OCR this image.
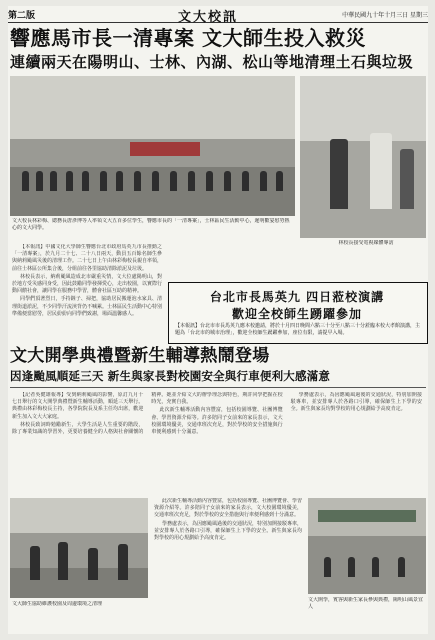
第二版	文大校訊	中華民國九十年十月三日 星期三
響應馬市長一清專案 文大師生投入救災
連續兩天在陽明山、士林、內湖、松山等地清理土石與垃圾
文大校長林彩梅、總務長唐彥博等人率領文大五百多位學生，響應市長的「一清專案」，士林區民生活動中心，遲明歡宴慰勞熱心的文大同學。
林校長接受電視媒體專訪

【本報訊】中國文化大學師生響應台北市政府馬英九市長推動之「一清專案」，於九月二十七、二十八日兩天，動員五百餘名師生參與納莉颱風災後的清理工作。二十七日上午由林彩梅校長親自率領，前往士林區公所集合後，分組前往各里協助清除淤泥及垃圾。

林校長表示，納莉颱風造成北市嚴重災情，文大位處陽明山，對於地方受災感同身受，因此鼓勵同學發揮愛心，走出校園，以實際行動回饋社會，讓同學在服務中學習，體會社區互助的精神。

同學們頂著烈日，手持鏟子、掃把，協助居民搬運泡水家具、清理街道淤泥，不少同學汗流浹背仍不喊累。士林區民生活動中心特別準備便當慰勞，居民紛紛向同學們致謝，場面溫馨感人。

台北市長馬英九 四日蒞校演講
歡迎全校師生踴躍參加
【本報訊】台北市市長馬英九應本校邀請，將於十月四日晚間六點三十分至八點三十分蒞臨本校大孝館演講，主題為「台北市的城市治理」，歡迎全校師生踴躍參加，座位有限，請提早入場。
文大開學典禮暨新生輔導熱鬧登場
因逢颱風順延三天 新生與家長對校園安全與行車便利大感滿意

【記者吳健雄報導】受到納莉颱風的影響，原訂九月十七日舉行的文大開學典禮暨新生輔導活動，順延三天舉行。典禮由林彩梅校長主持，各學院院長及系主任均出席，歡迎新生加入文大大家庭。

林校長致詞時勉勵新生，大學生活是人生重要的階段，除了專業知識的學習外，更要培養健全的人格與社會關懷的精神。她並介紹文大的辦學理念與特色，期許同學把握在校時光，充實自我。

此次新生輔導活動內容豐富，包括校園導覽、社團博覽會、學習資源介紹等。許多陪同子女前來的家長表示，文大校園環境優美，交通車班次充足，對於學校的安全措施與行車便利感到十分滿意。

學務處表示，為因應颱風過後的交通狀況，特別加開接駁專車，並安排專人於各路口引導，確保師生上下學的安全。新生與家長均對學校的用心規劃給予高度肯定。

文大師生協助維護校園及周邊環境之清理

此次新生輔導活動內容豐富，包括校園導覽、社團博覽會、學習資源介紹等。許多陪同子女前來的家長表示，文大校園環境優美，交通車班次充足，對於學校的安全措施與行車便利感到十分滿意。

學務處表示，為因應颱風過後的交通狀況，特別加開接駁專車，並安排專人於各路口引導，確保師生上下學的安全。新生與家長均對學校的用心規劃給予高度肯定。

文大開學，賓客與新生家長參與典禮，陽明山風景宜人
